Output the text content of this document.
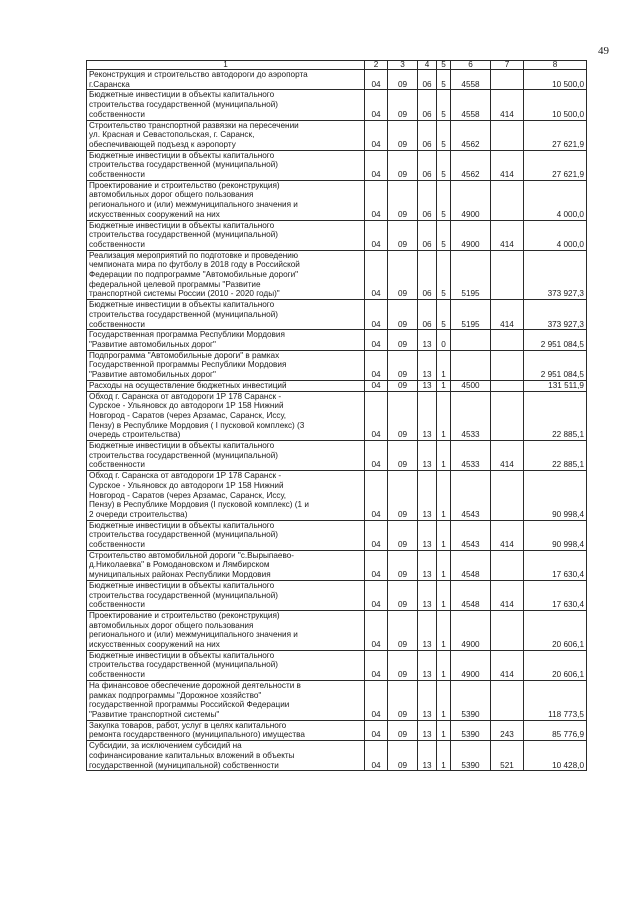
49
1	2	3	4	5	6	7	8
Реконструкция и строительство автодороги до аэропорта
г.Саранска	04	09	06	5	4558		10 500,0
Бюджетные инвестиции в объекты капитального
строительства государственной (муниципальной)
собственности	04	09	06	5	4558	414	10 500,0
Строительство транспортной развязки на пересечении
ул. Красная и Севастопольская, г. Саранск,
обеспечивающей подъезд к аэропорту	04	09	06	5	4562		27 621,9
Бюджетные инвестиции в объекты капитального
строительства государственной (муниципальной)
собственности	04	09	06	5	4562	414	27 621,9
Проектирование и строительство (реконструкция)
автомобильных дорог общего пользования
регионального и (или) межмуниципального значения и
искусственных сооружений на них	04	09	06	5	4900		4 000,0
Бюджетные инвестиции в объекты капитального
строительства государственной (муниципальной)
собственности	04	09	06	5	4900	414	4 000,0
Реализация мероприятий по подготовке и проведению
чемпионата мира по футболу в 2018 году в Российской
Федерации по подпрограмме "Автомобильные дороги"
федеральной целевой программы "Развитие
транспортной системы России (2010 - 2020 годы)"	04	09	06	5	5195		373 927,3
Бюджетные инвестиции в объекты капитального
строительства государственной (муниципальной)
собственности	04	09	06	5	5195	414	373 927,3
Государственная программа Республики Мордовия
"Развитие автомобильных дорог"	04	09	13	0			2 951 084,5
Подпрограмма "Автомобильные дороги" в рамках
Государственной программы Республики Мордовия
"Развитие автомобильных дорог"	04	09	13	1			2 951 084,5
Расходы на осуществление бюджетных инвестиций	04	09	13	1	4500		131 511,9
Обход г. Саранска от автодороги 1Р 178 Саранск -
Сурское - Ульяновск до автодороги 1Р 158 Нижний
Новгород - Саратов (через Арзамас, Саранск, Иссу,
Пензу) в Республике Мордовия ( I пусковой комплекс) (3
очередь строительства)	04	09	13	1	4533		22 885,1
Бюджетные инвестиции в объекты капитального
строительства государственной (муниципальной)
собственности	04	09	13	1	4533	414	22 885,1
Обход г. Саранска от автодороги 1Р 178 Саранск -
Сурское - Ульяновск до автодороги 1Р 158 Нижний
Новгород - Саратов (через Арзамас, Саранск, Иссу,
Пензу) в Республике Мордовия (I пусковой комплекс) (1 и
2 очереди строительства)	04	09	13	1	4543		90 998,4
Бюджетные инвестиции в объекты капитального
строительства государственной (муниципальной)
собственности	04	09	13	1	4543	414	90 998,4
Строительство автомобильной дороги "с.Вырыпаево-
д.Николаевка" в Ромодановском и Лямбирском
муниципальных районах Республики Мордовия	04	09	13	1	4548		17 630,4
Бюджетные инвестиции в объекты капитального
строительства государственной (муниципальной)
собственности	04	09	13	1	4548	414	17 630,4
Проектирование и строительство (реконструкция)
автомобильных дорог общего пользования
регионального и (или) межмуниципального значения и
искусственных сооружений на них	04	09	13	1	4900		20 606,1
Бюджетные инвестиции в объекты капитального
строительства государственной (муниципальной)
собственности	04	09	13	1	4900	414	20 606,1
На финансовое обеспечение дорожной деятельности в
рамках подпрограммы "Дорожное хозяйство"
государственной программы Российской Федерации
"Развитие транспортной системы"	04	09	13	1	5390		118 773,5
Закупка товаров, работ, услуг в целях капитального
ремонта государственного (муниципального) имущества	04	09	13	1	5390	243	85 776,9
Субсидии, за исключением субсидий на
софинансирование капитальных вложений в объекты
государственной (муниципальной) собственности	04	09	13	1	5390	521	10 428,0
